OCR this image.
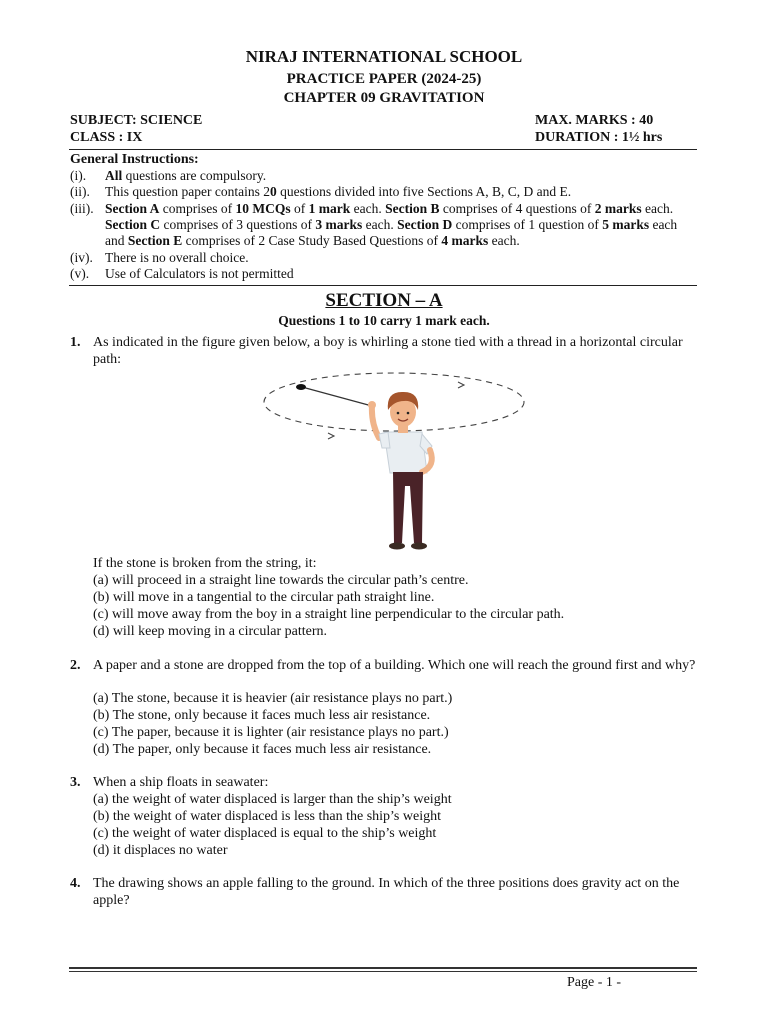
NIRAJ INTERNATIONAL SCHOOL
PRACTICE PAPER (2024-25)
CHAPTER 09 GRAVITATION
SUBJECT: SCIENCE
CLASS : IX
MAX. MARKS : 40
DURATION : 1½ hrs
General Instructions:
(i). All questions are compulsory.
(ii). This question paper contains 20 questions divided into five Sections A, B, C, D and E.
(iii). Section A comprises of 10 MCQs of 1 mark each. Section B comprises of 4 questions of 2 marks each. Section C comprises of 3 questions of 3 marks each. Section D comprises of 1 question of 5 marks each and Section E comprises of 2 Case Study Based Questions of 4 marks each.
(iv). There is no overall choice.
(v). Use of Calculators is not permitted
SECTION – A
Questions 1 to 10 carry 1 mark each.
1. As indicated in the figure given below, a boy is whirling a stone tied with a thread in a horizontal circular path:
If the stone is broken from the string, it:
(a) will proceed in a straight line towards the circular path’s centre.
(b) will move in a tangential to the circular path straight line.
(c) will move away from the boy in a straight line perpendicular to the circular path.
(d) will keep moving in a circular pattern.
2. A paper and a stone are dropped from the top of a building. Which one will reach the ground first and why?
(a) The stone, because it is heavier (air resistance plays no part.)
(b) The stone, only because it faces much less air resistance.
(c) The paper, because it is lighter (air resistance plays no part.)
(d) The paper, only because it faces much less air resistance.
3. When a ship floats in seawater:
(a) the weight of water displaced is larger than the ship’s weight
(b) the weight of water displaced is less than the ship’s weight
(c) the weight of water displaced is equal to the ship’s weight
(d) it displaces no water
4. The drawing shows an apple falling to the ground. In which of the three positions does gravity act on the apple?
Page - 1 -
